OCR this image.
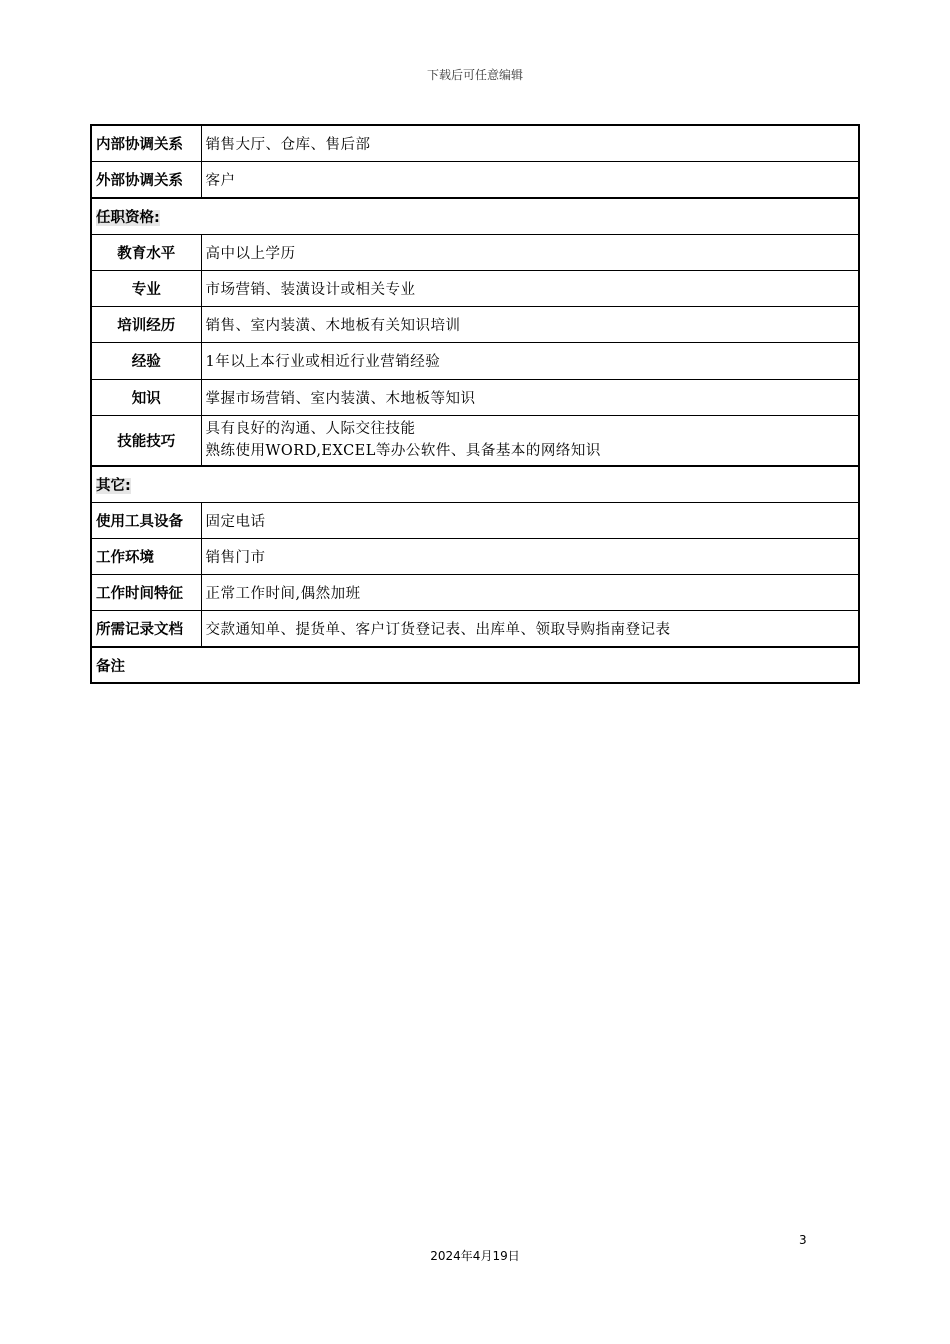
下载后可任意编辑
内部协调关系	销售大厅、仓库、售后部
外部协调关系	客户
任职资格:	
教育水平	高中以上学历
专业	市场营销、装潢设计或相关专业
培训经历	销售、室内装潢、木地板有关知识培训
经验	1年以上本行业或相近行业营销经验
知识	掌握市场营销、室内装潢、木地板等知识
技能技巧	具有良好的沟通、人际交往技能
熟练使用WORD,EXCEL等办公软件、具备基本的网络知识

其它:	
使用工具设备	固定电话
工作环境	销售门市
工作时间特征	正常工作时间,偶然加班
所需记录文档	交款通知单、提货单、客户订货登记表、出库单、领取导购指南登记表
备注	
3
2024年4月19日
